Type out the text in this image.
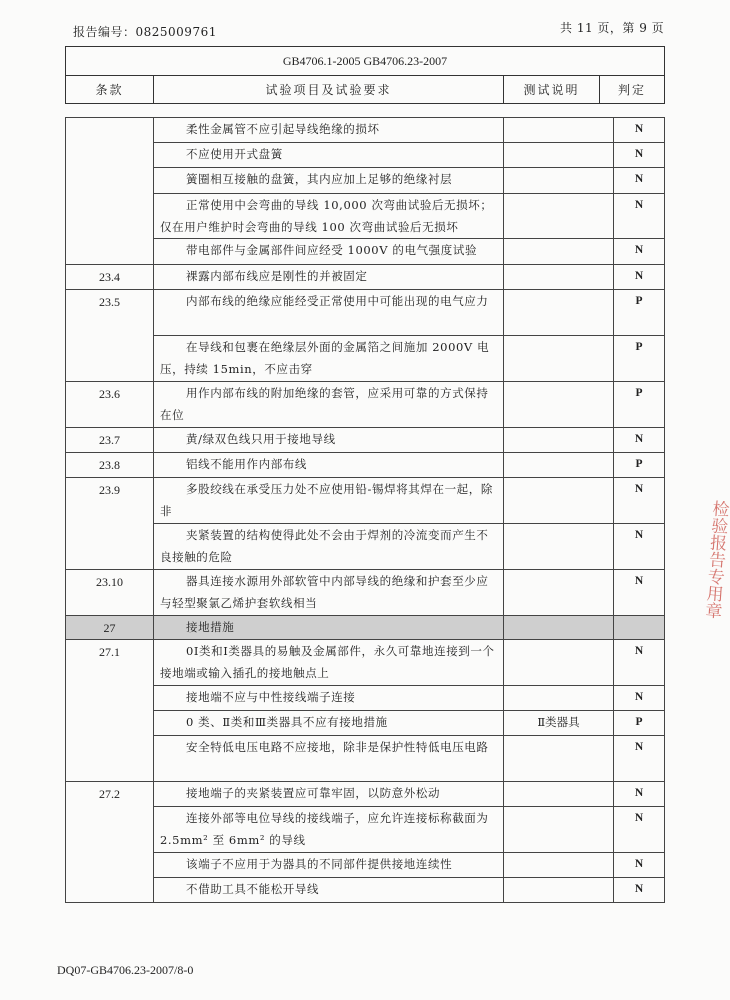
报告编号：0825009761	共 11 页，第 9 页
GB4706.1-2005 GB4706.23-2007
条款	试验项目及试验要求	测试说明	判定
	柔性金属管不应引起导线绝缘的损坏		N
	不应使用开式盘簧		N
	簧圈相互接触的盘簧，其内应加上足够的绝缘衬层		N
	正常使用中会弯曲的导线 10,000 次弯曲试验后无损坏；仅在用户维护时会弯曲的导线 100 次弯曲试验后无损坏		N
	带电部件与金属部件间应经受 1000V 的电气强度试验		N
23.4	裸露内部布线应是刚性的并被固定		N
23.5	内部布线的绝缘应能经受正常使用中可能出现的电气应力		P
	在导线和包裹在绝缘层外面的金属箔之间施加 2000V 电压，持续 15min，不应击穿		P
23.6	用作内部布线的附加绝缘的套管，应采用可靠的方式保持在位		P
23.7	黄/绿双色线只用于接地导线		N
23.8	铝线不能用作内部布线		P
23.9	多股绞线在承受压力处不应使用铅-锡焊将其焊在一起，除非		N
	夹紧装置的结构使得此处不会由于焊剂的冷流变而产生不良接触的危险		N
23.10	器具连接水源用外部软管中内部导线的绝缘和护套至少应与轻型聚氯乙烯护套软线相当		N
27	接地措施		
27.1	0I类和Ⅰ类器具的易触及金属部件，永久可靠地连接到一个接地端或输入插孔的接地触点上		N
	接地端不应与中性接线端子连接		N
	0 类、Ⅱ类和Ⅲ类器具不应有接地措施	Ⅱ类器具	P
	安全特低电压电路不应接地，除非是保护性特低电压电路		N
27.2	接地端子的夹紧装置应可靠牢固，以防意外松动		N
	连接外部等电位导线的接线端子，应允许连接标称截面为 2.5mm² 至 6mm² 的导线		N
	该端子不应用于为器具的不同部件提供接地连续性		N
	不借助工具不能松开导线		N
检验报告专用章
DQ07-GB4706.23-2007/8-0
